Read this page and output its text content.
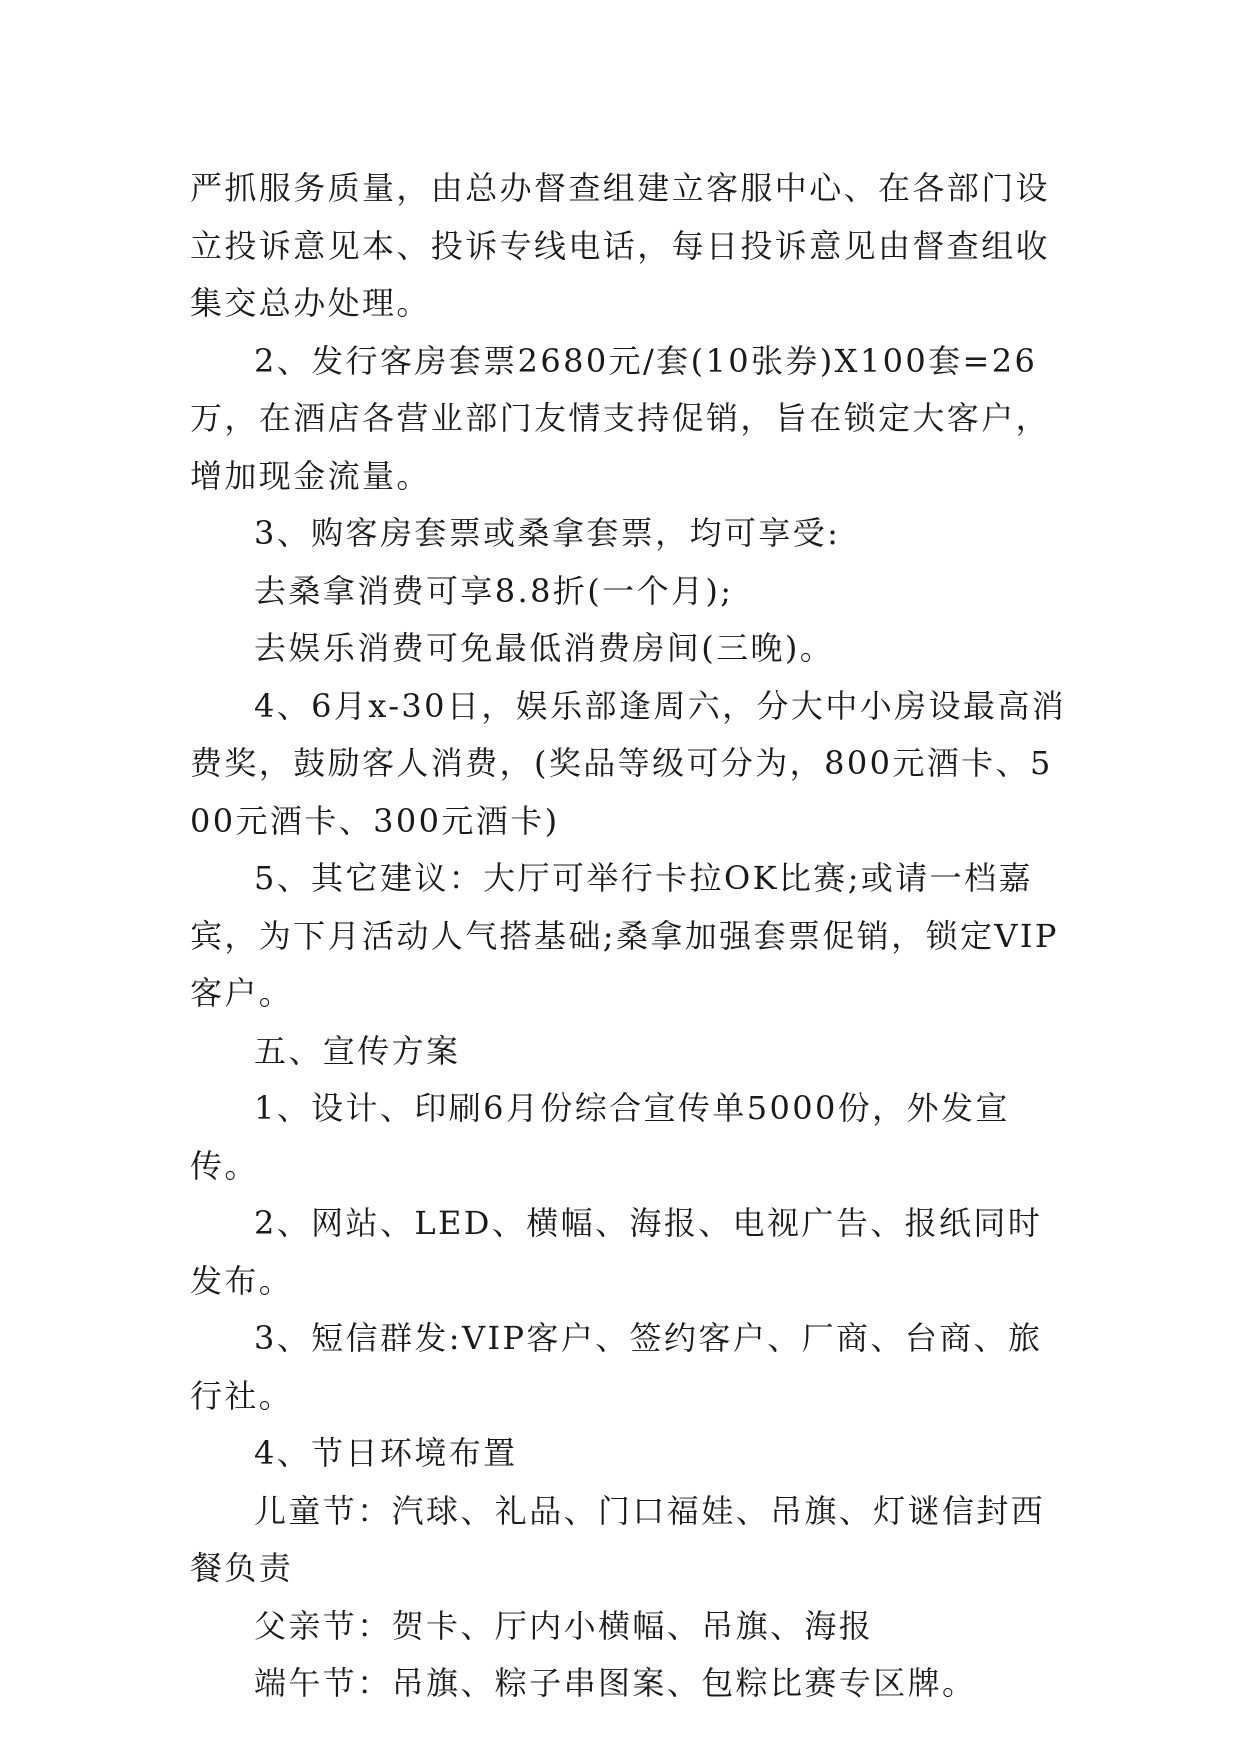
严抓服务质量，由总办督查组建立客服中心、在各部门设立投诉意见本、投诉专线电话，每日投诉意见由督查组收集交总办处理。

2、发行客房套票2680元/套(10张券)X100套=26万，在酒店各营业部门友情支持促销，旨在锁定大客户，增加现金流量。

3、购客房套票或桑拿套票，均可享受:

去桑拿消费可享8.8折(一个月);

去娱乐消费可免最低消费房间(三晚)。

4、6月x-30日，娱乐部逢周六，分大中小房设最高消费奖，鼓励客人消费，(奖品等级可分为，800元酒卡、500元酒卡、300元酒卡)

5、其它建议：大厅可举行卡拉OK比赛;或请一档嘉宾，为下月活动人气搭基础;桑拿加强套票促销，锁定VIP客户。

五、宣传方案

1、设计、印刷6月份综合宣传单5000份，外发宣传。

2、网站、LED、横幅、海报、电视广告、报纸同时发布。

3、短信群发:VIP客户、签约客户、厂商、台商、旅行社。

4、节日环境布置

儿童节：汽球、礼品、门口福娃、吊旗、灯谜信封西餐负责

父亲节：贺卡、厅内小横幅、吊旗、海报

端午节：吊旗、粽子串图案、包粽比赛专区牌。
